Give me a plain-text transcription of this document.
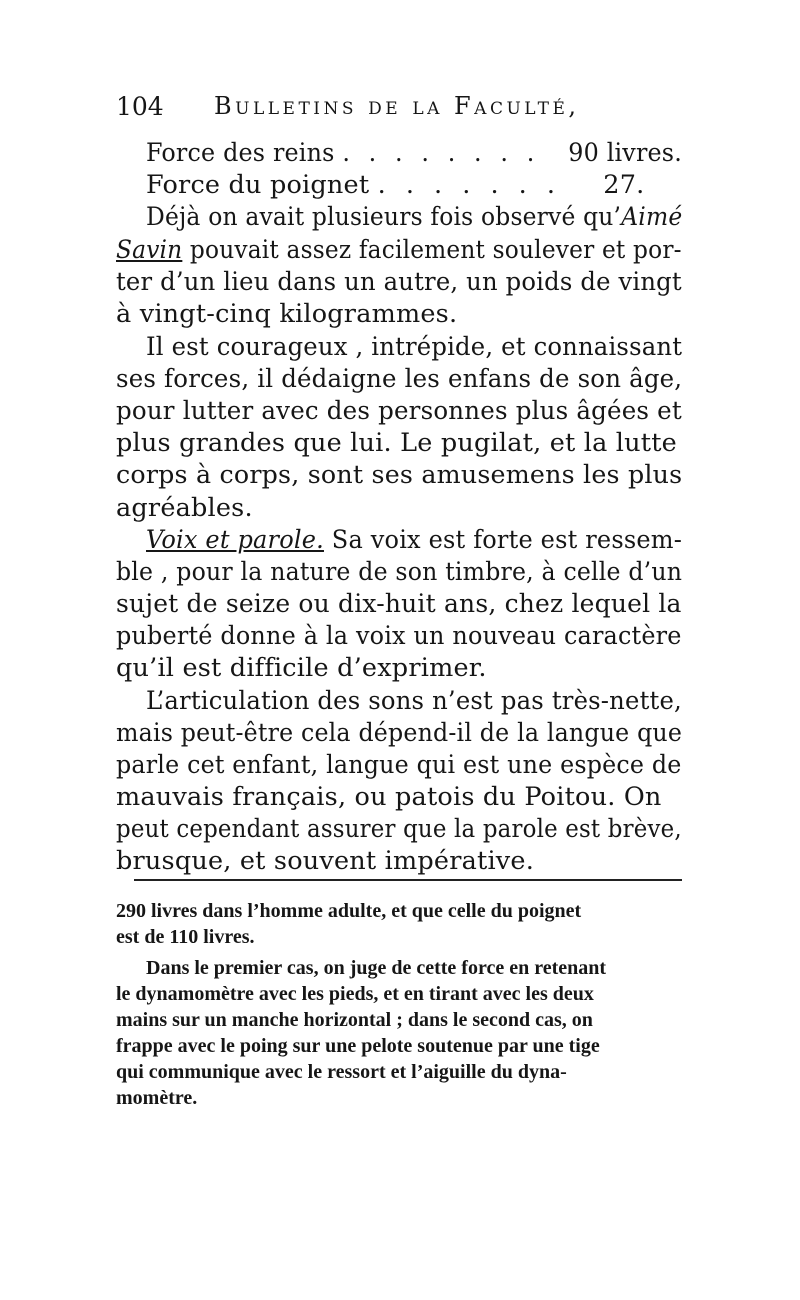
104 Bulletins de la Faculté,
Force des reins . . . . . . . . 90 livres.
Force du poignet . . . . . . . 27.
Déjà on avait plusieurs fois observé qu’Aimé
Savin pouvait assez facilement soulever et por-
ter d’un lieu dans un autre, un poids de vingt
à vingt-cinq kilogrammes.
Il est courageux , intrépide, et connaissant
ses forces, il dédaigne les enfans de son âge,
pour lutter avec des personnes plus âgées et
plus grandes que lui. Le pugilat, et la lutte
corps à corps, sont ses amusemens les plus
agréables.
Voix et parole. Sa voix est forte est ressem-
ble , pour la nature de son timbre, à celle d’un
sujet de seize ou dix-huit ans, chez lequel la
puberté donne à la voix un nouveau caractère
qu’il est difficile d’exprimer.
L’articulation des sons n’est pas très-nette,
mais peut-être cela dépend-il de la langue que
parle cet enfant, langue qui est une espèce de
mauvais français, ou patois du Poitou. On
peut cependant assurer que la parole est brève,
brusque, et souvent impérative.
290 livres dans l’homme adulte, et que celle du poignet
est de 110 livres.
Dans le premier cas, on juge de cette force en retenant
le dynamomètre avec les pieds, et en tirant avec les deux
mains sur un manche horizontal ; dans le second cas, on
frappe avec le poing sur une pelote soutenue par une tige
qui communique avec le ressort et l’aiguille du dyna-
momètre.
